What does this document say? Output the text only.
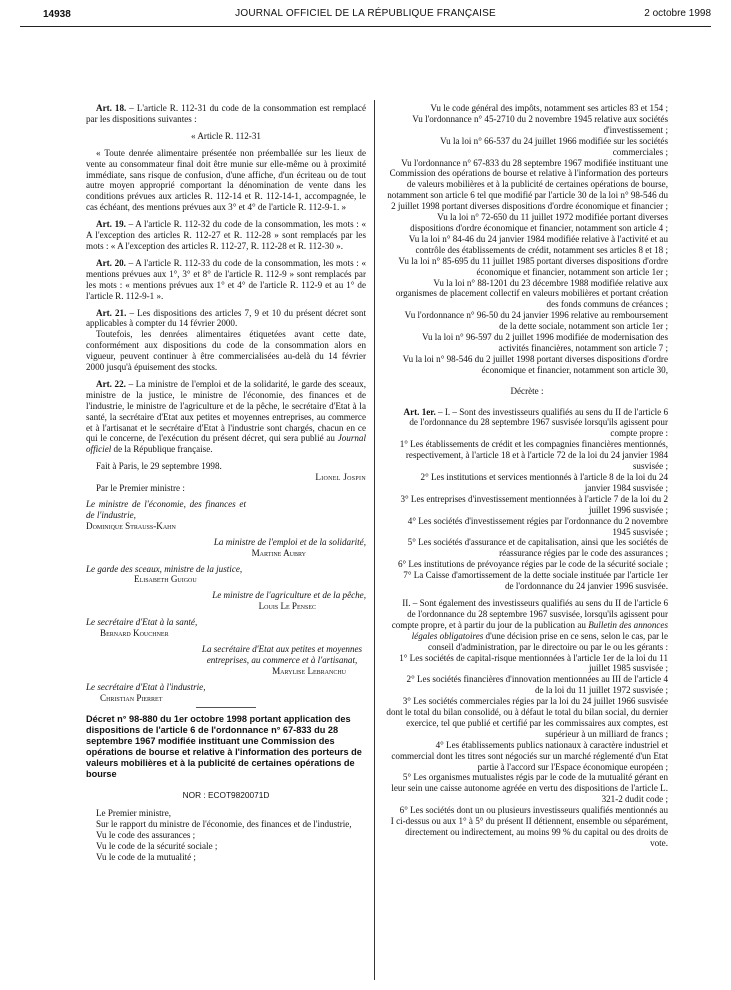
14938	JOURNAL OFFICIEL DE LA RÉPUBLIQUE FRANÇAISE	2 octobre 1998

Art. 18. – L'article R. 112-31 du code de la consommation est remplacé par les dispositions suivantes :

« Article R. 112-31

« Toute denrée alimentaire présentée non préemballée sur les lieux de vente au consommateur final doit être munie sur elle-même ou à proximité immédiate, sans risque de confusion, d'une affiche, d'un écriteau ou de tout autre moyen approprié comportant la dénomination de vente dans les conditions prévues aux articles R. 112-14 et R. 112-14-1, accompagnée, le cas échéant, des mentions prévues aux 3° et 4° de l'article R. 112-9-1. »

Art. 19. – A l'article R. 112-32 du code de la consommation, les mots : « A l'exception des articles R. 112-27 et R. 112-28 » sont remplacés par les mots : « A l'exception des articles R. 112-27, R. 112-28 et R. 112-30 ».

Art. 20. – A l'article R. 112-33 du code de la consommation, les mots : « mentions prévues aux 1°, 3° et 8° de l'article R. 112-9 » sont remplacés par les mots : « mentions prévues aux 1° et 4° de l'article R. 112-9 et au 1° de l'article R. 112-9-1 ».

Art. 21. – Les dispositions des articles 7, 9 et 10 du présent décret sont applicables à compter du 14 février 2000.

Toutefois, les denrées alimentaires étiquetées avant cette date, conformément aux dispositions du code de la consommation alors en vigueur, peuvent continuer à être commercialisées au-delà du 14 février 2000 jusqu'à épuisement des stocks.

Art. 22. – La ministre de l'emploi et de la solidarité, le garde des sceaux, ministre de la justice, le ministre de l'économie, des finances et de l'industrie, le ministre de l'agriculture et de la pêche, le secrétaire d'Etat à la santé, la secrétaire d'Etat aux petites et moyennes entreprises, au commerce et à l'artisanat et le secrétaire d'Etat à l'industrie sont chargés, chacun en ce qui le concerne, de l'exécution du présent décret, qui sera publié au Journal officiel de la République française.

Fait à Paris, le 29 septembre 1998.

Lionel Jospin

Par le Premier ministre :

Le ministre de l'économie, des finances et de l'industrie,

Dominique Strauss-Kahn

La ministre de l'emploi et de la solidarité,

Martine Aubry

Le garde des sceaux, ministre de la justice,

Elisabeth Guigou

Le ministre de l'agriculture et de la pêche,

Louis Le Pensec

Le secrétaire d'Etat à la santé,

Bernard Kouchner

La secrétaire d'Etat aux petites et moyennes entreprises, au commerce et à l'artisanat,

Marylise Lebranchu

Le secrétaire d'Etat à l'industrie,

Christian Pierret

Décret n° 98-880 du 1er octobre 1998 portant application des dispositions de l'article 6 de l'ordonnance n° 67-833 du 28 septembre 1967 modifiée instituant une Commission des opérations de bourse et relative à l'information des porteurs de valeurs mobilières et à la publicité de certaines opérations de bourse

NOR : ECOT9820071D

Le Premier ministre,

Sur le rapport du ministre de l'économie, des finances et de l'industrie,

Vu le code des assurances ;

Vu le code de la sécurité sociale ;

Vu le code de la mutualité ;

Vu le code général des impôts, notamment ses articles 83 et 154 ;

Vu l'ordonnance n° 45-2710 du 2 novembre 1945 relative aux sociétés d'investissement ;

Vu la loi n° 66-537 du 24 juillet 1966 modifiée sur les sociétés commerciales ;

Vu l'ordonnance n° 67-833 du 28 septembre 1967 modifiée instituant une Commission des opérations de bourse et relative à l'information des porteurs de valeurs mobilières et à la publicité de certaines opérations de bourse, notamment son article 6 tel que modifié par l'article 30 de la loi n° 98-546 du 2 juillet 1998 portant diverses dispositions d'ordre économique et financier ;

Vu la loi n° 72-650 du 11 juillet 1972 modifiée portant diverses dispositions d'ordre économique et financier, notamment son article 4 ;

Vu la loi n° 84-46 du 24 janvier 1984 modifiée relative à l'activité et au contrôle des établissements de crédit, notamment ses articles 8 et 18 ;

Vu la loi n° 85-695 du 11 juillet 1985 portant diverses dispositions d'ordre économique et financier, notamment son article 1er ;

Vu la loi n° 88-1201 du 23 décembre 1988 modifiée relative aux organismes de placement collectif en valeurs mobilières et portant création des fonds communs de créances ;

Vu l'ordonnance n° 96-50 du 24 janvier 1996 relative au remboursement de la dette sociale, notamment son article 1er ;

Vu la loi n° 96-597 du 2 juillet 1996 modifiée de modernisation des activités financières, notamment son article 7 ;

Vu la loi n° 98-546 du 2 juillet 1998 portant diverses dispositions d'ordre économique et financier, notamment son article 30,

Décrète :

Art. 1er. – I. – Sont des investisseurs qualifiés au sens du II de l'article 6 de l'ordonnance du 28 septembre 1967 susvisée lorsqu'ils agissent pour compte propre :

1° Les établissements de crédit et les compagnies financières mentionnés, respectivement, à l'article 18 et à l'article 72 de la loi du 24 janvier 1984 susvisée ;

2° Les institutions et services mentionnés à l'article 8 de la loi du 24 janvier 1984 susvisée ;

3° Les entreprises d'investissement mentionnées à l'article 7 de la loi du 2 juillet 1996 susvisée ;

4° Les sociétés d'investissement régies par l'ordonnance du 2 novembre 1945 susvisée ;

5° Les sociétés d'assurance et de capitalisation, ainsi que les sociétés de réassurance régies par le code des assurances ;

6° Les institutions de prévoyance régies par le code de la sécurité sociale ;

7° La Caisse d'amortissement de la dette sociale instituée par l'article 1er de l'ordonnance du 24 janvier 1996 susvisée.

II. – Sont également des investisseurs qualifiés au sens du II de l'article 6 de l'ordonnance du 28 septembre 1967 susvisée, lorsqu'ils agissent pour compte propre, et à partir du jour de la publication au Bulletin des annonces légales obligatoires d'une décision prise en ce sens, selon le cas, par le conseil d'administration, par le directoire ou par le ou les gérants :

1° Les sociétés de capital-risque mentionnées à l'article 1er de la loi du 11 juillet 1985 susvisée ;

2° Les sociétés financières d'innovation mentionnées au III de l'article 4 de la loi du 11 juillet 1972 susvisée ;

3° Les sociétés commerciales régies par la loi du 24 juillet 1966 susvisée dont le total du bilan consolidé, ou à défaut le total du bilan social, du dernier exercice, tel que publié et certifié par les commissaires aux comptes, est supérieur à un milliard de francs ;

4° Les établissements publics nationaux à caractère industriel et commercial dont les titres sont négociés sur un marché réglementé d'un Etat partie à l'accord sur l'Espace économique européen ;

5° Les organismes mutualistes régis par le code de la mutualité gérant en leur sein une caisse autonome agréée en vertu des dispositions de l'article L. 321-2 dudit code ;

6° Les sociétés dont un ou plusieurs investisseurs qualifiés mentionnés au I ci-dessus ou aux 1° à 5° du présent II détiennent, ensemble ou séparément, directement ou indirectement, au moins 99 % du capital ou des droits de vote.
